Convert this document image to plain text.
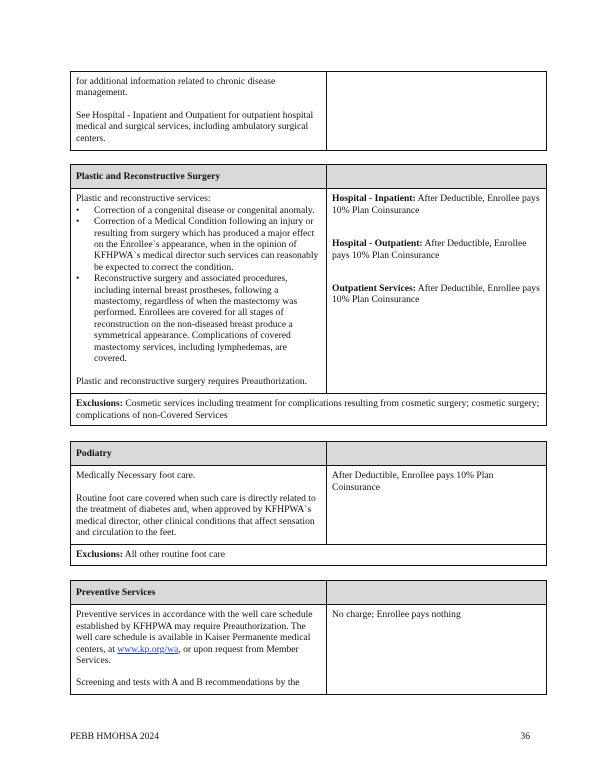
for additional information related to chronic disease management.

See Hospital - Inpatient and Outpatient for outpatient hospital medical and surgical services, including ambulatory surgical centers.

Plastic and Reconstructive Surgery

Plastic and reconstructive services:

• Correction of a congenital disease or congenital anomaly.
• Correction of a Medical Condition following an injury or resulting from surgery which has produced a major effect on the Enrollee`s appearance, when in the opinion of KFHPWA`s medical director such services can reasonably be expected to correct the condition.
• Reconstructive surgery and associated procedures, including internal breast prostheses, following a mastectomy, regardless of when the mastectomy was performed. Enrollees are covered for all stages of reconstruction on the non-diseased breast produce a symmetrical appearance. Complications of covered mastectomy services, including lymphedemas, are covered.

Plastic and reconstructive surgery requires Preauthorization.

Hospital - Inpatient: After Deductible, Enrollee pays 10% Plan Coinsurance
Hospital - Outpatient: After Deductible, Enrollee pays 10% Plan Coinsurance
Outpatient Services: After Deductible, Enrollee pays 10% Plan Coinsurance
Exclusions: Cosmetic services including treatment for complications resulting from cosmetic surgery; cosmetic surgery; complications of non-Covered Services
Podiatry

Medically Necessary foot care.

Routine foot care covered when such care is directly related to the treatment of diabetes and, when approved by KFHPWA`s medical director, other clinical conditions that affect sensation and circulation to the feet.

After Deductible, Enrollee pays 10% Plan Coinsurance
Exclusions: All other routine foot care
Preventive Services

Preventive services in accordance with the well care schedule established by KFHPWA may require Preauthorization. The well care schedule is available in Kaiser Permanente medical centers, at www.kp.org/wa, or upon request from Member Services.

Screening and tests with A and B recommendations by the

No charge; Enrollee pays nothing
PEBB HMOHSA 2024	36
